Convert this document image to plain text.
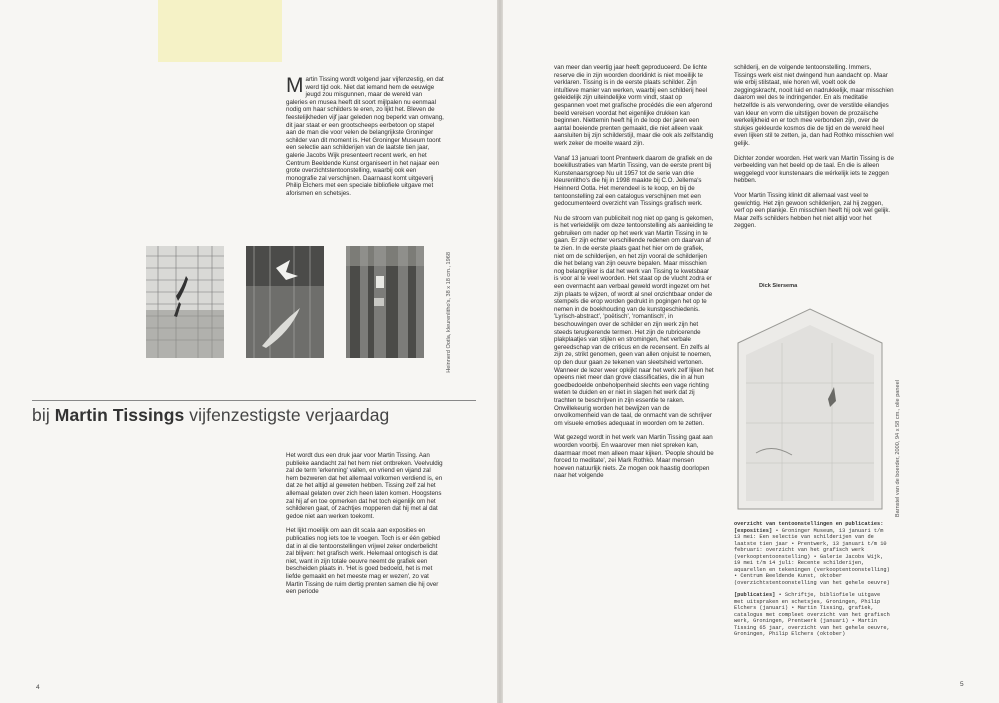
Martin Tissing wordt volgend jaar vijfenzestig, en dat werd tijd ook. Niet dat iemand hem de eeuwige jeugd zou misgunnen, maar de wereld van galeries en musea heeft dit soort mijlpalen nu eenmaal nodig om haar schilders te eren, zo lijkt het. Bleven de feestelijkheden vijf jaar geleden nog beperkt van omvang, dit jaar staat er een grootscheeps eerbetoon op stapel aan de man die voor velen de belangrijkste Groninger schilder van dit moment is. Het Groninger Museum toont een selectie aan schilderijen van de laatste tien jaar, galerie Jacobs Wijk presenteert recent werk, en het Centrum Beeldende Kunst organiseert in het najaar een grote overzichtstentoonstelling, waarbij ook een monografie zal verschijnen. Daarnaast komt uitgeverij Philip Elchers met een speciale bibliofiele uitgave met aforismen en schetsjes.
Heinnerd Ootla, kleurenlitho's, 38 x 18 cm., 1968
bij Martin Tissings vijfenzestigste verjaardag

Het wordt dus een druk jaar voor Martin Tissing. Aan publieke aandacht zal het hem niet ontbreken. Veelvuldig zal de term 'erkenning' vallen, en vriend en vijand zal hem bezweren dat het allemaal volkomen verdiend is, en dat ze het altijd al geweten hebben. Tissing zelf zal het allemaal gelaten over zich heen laten komen. Hoogstens zal hij af en toe opmerken dat het toch eigenlijk om het schilderen gaat, of zachtjes mopperen dat hij met al dat gedoe niet aan werken toekomt.

Het lijkt moeilijk om aan dit scala aan exposities en publicaties nog iets toe te voegen. Toch is er één gebied dat in al die tentoonstellingen vrijwel zeker onderbelicht zal blijven: het grafisch werk. Helemaal ontogisch is dat niet, want in zijn totale oeuvre neemt de grafiek een bescheiden plaats in. 'Het is goed bedoeld, het is met liefde gemaakt en het meeste mag er wezen', zo vat Martin Tissing de ruim dertig prenten samen die hij over een periode

4

van meer dan veertig jaar heeft geproduceerd. De lichte reserve die in zijn woorden doorklinkt is niet moeilijk te verklaren. Tissing is in de eerste plaats schilder. Zijn intuïtieve manier van werken, waarbij een schilderij heel geleidelijk zijn uiteindelijke vorm vindt, staat op gespannen voet met grafische procédés die een afgerond beeld vereisen voordat het eigenlijke drukken kan beginnen. Niettemin heeft hij in de loop der jaren een aantal boeiende prenten gemaakt, die niet alleen vaak aansluiten bij zijn schilderstijl, maar die ook als zelfstandig werk zeker de moeite waard zijn.

Vanaf 13 januari toont Prentwerk daarom de grafiek en de boekillustraties van Martin Tissing, van de eerste prent bij Kunstenaarsgroep Nu uit 1957 tot de serie van drie kleurenlitho's die hij in 1998 maakte bij C.O. Jellema's Heinnerd Ootla. Het merendeel is te koop, en bij de tentoonstelling zal een catalogus verschijnen met een gedocumenteerd overzicht van Tissings grafisch werk.

Nu de stroom van publiciteit nog niet op gang is gekomen, is het verleidelijk om deze tentoonstelling als aanleiding te gebruiken om nader op het werk van Martin Tissing in te gaan. Er zijn echter verschillende redenen om daarvan af te zien. In de eerste plaats gaat het hier om de grafiek, niet om de schilderijen, en het zijn vooral de schilderijen die het belang van zijn oeuvre bepalen. Maar misschien nog belangrijker is dat het werk van Tissing te kwetsbaar is voor al te veel woorden. Het staat op de vlucht zodra er een overmacht aan verbaal geweld wordt ingezet om het zijn plaats te wijzen, of wordt al snel onzichtbaar onder de stempels die erop worden gedrukt in pogingen het op te nemen in de boekhouding van de kunstgeschiedenis. 'Lyrisch-abstract', 'poëtisch', 'romantisch', in beschouwingen over de schilder en zijn werk zijn het steeds terugkerende termen. Het zijn de rubricerende plakplaatjes van stijlen en stromingen, het verbale gereedschap van de criticus en de recensent. En zelfs al zijn ze, strikt genomen, geen van allen onjuist te noemen, op den duur gaan ze tekenen van sleetsheid vertonen. Wanneer de lezer weer opkijkt naar het werk zelf lijken het opeens niet meer dan grove classificaties, die in al hun goedbedoelde onbeholpenheid slechts een vage richting weten te duiden en er niet in slagen het werk dat zij trachten te beschrijven in zijn essentie te raken. Onwillekeurig worden het bewijzen van de onvolkomenheid van de taal, de onmacht van de schrijver om visuele emoties adequaat in woorden om te zetten.

Wat gezegd wordt in het werk van Martin Tissing gaat aan woorden voorbij. En waarover men niet spreken kan, daarmaar moet men alleen maar kijken. 'People should be forced to meditate', zei Mark Rothko. Maar mensen hoeven natuurlijk niets. Ze mogen ook haastig doorlopen naar het volgende

schilderij, en de volgende tentoonstelling. Immers, Tissings werk eist niet dwingend hun aandacht op. Maar wie erbij stilstaat, wie horen wil, voelt ook de zeggingskracht, nooit luid en nadrukkelijk, maar misschien daarom wel des te indringender. En als meditatie hetzelfde is als verwondering, over de verstilde eilandjes van kleur en vorm die uitstijgen boven de prozaïsche werkelijkheid en er toch mee verbonden zijn, over de stukjes gekleurde kosmos die de tijd en de wereld heel even lijken stil te zetten, ja, dan had Rothko misschien wel gelijk.

Dichter zonder woorden. Het werk van Martin Tissing is de verbeelding van het beeld op de taal. En die is alleen weggelegd voor kunstenaars die wérkelijk iets te zeggen hebben.

Voor Martin Tissing klinkt dit allemaal vast veel te gewichtig. Het zijn gewoon schilderijen, zal hij zeggen, verf op een plankje. En misschien heeft hij ook wel gelijk. Maar zelfs schilders hebben het niet altijd voor het zeggen.

Dick Siersema
Barnstel van de boerder, 2000, 94 x 58 cm., olie paneel
overzicht van tentoonstellingen en publicaties:
[exposities] • Groninger Museum, 13 januari t/m 13 mei: Een selectie van schilderijen van de laatste tien jaar • Prentwerk, 13 januari t/m 10 februari: overzicht van het grafisch werk (verkooptentoonstelling) • Galerie Jacobs Wijk, 19 mei t/m 14 juli: Recente schilderijen, aquarellen en tekeningen (verkooptentoonstelling) • Centrum Beeldende Kunst, oktober (overzichtstentoonstelling van het gehele oeuvre)
[publicaties] • Schriftje, bibliofiele uitgave met uitspraken en schetsjes, Groningen, Philip Elchers (januari) • Martin Tissing, grafiek, catalogus met compleet overzicht van het grafisch werk, Groningen, Prentwerk (januari) • Martin Tissing 65 jaar, overzicht van het gehele oeuvre, Groningen, Philip Elchers (oktober)
5
